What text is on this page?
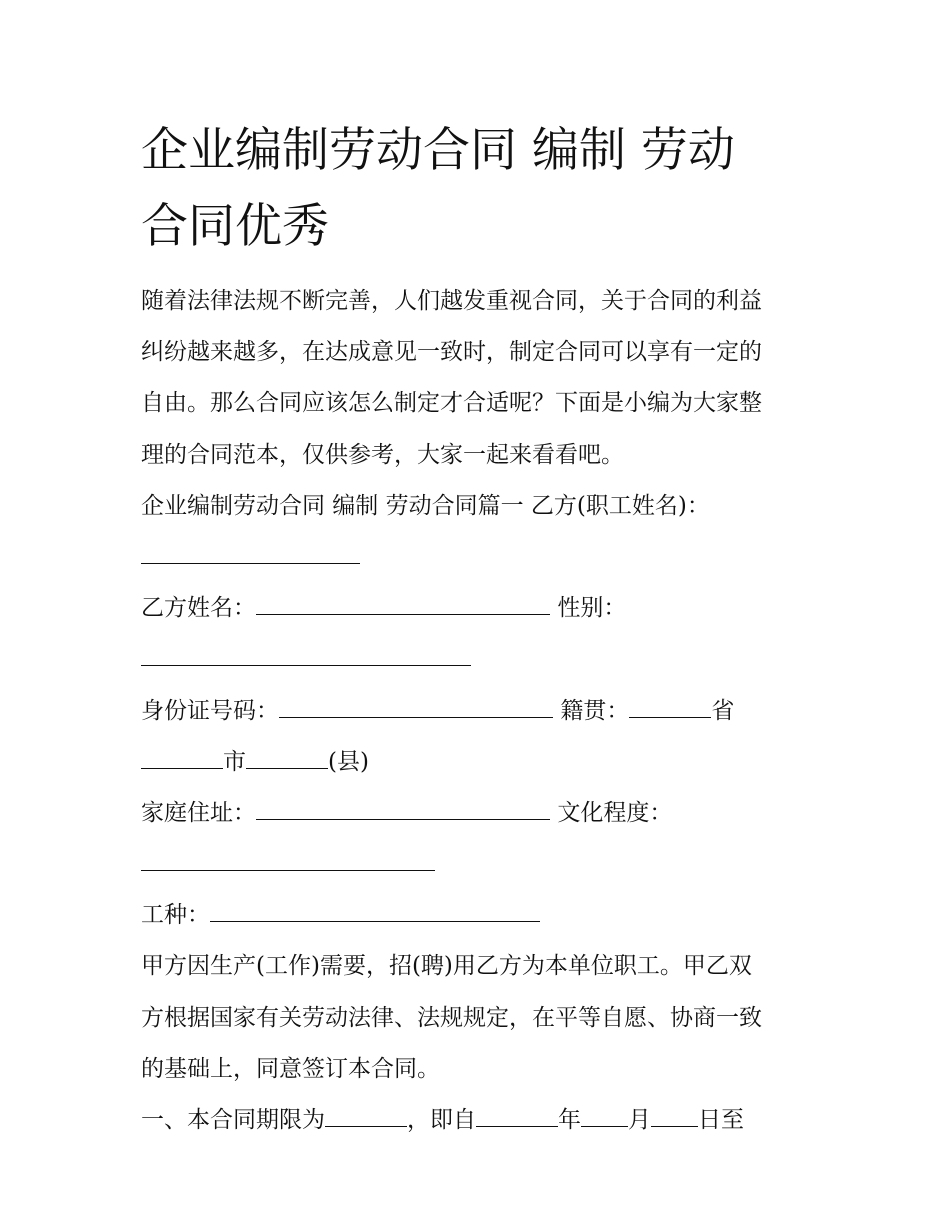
企业编制劳动合同 编制 劳动
合同优秀
随着法律法规不断完善，人们越发重视合同，关于合同的利益
纠纷越来越多，在达成意见一致时，制定合同可以享有一定的
自由。那么合同应该怎么制定才合适呢？下面是小编为大家整
理的合同范本，仅供参考，大家一起来看看吧。
企业编制劳动合同 编制 劳动合同篇一 乙方(职工姓名)：
乙方姓名：	性别：
身份证号码：	籍贯：	省
市	(县)
家庭住址：	文化程度：
工种：
甲方因生产(工作)需要，招(聘)用乙方为本单位职工。甲乙双
方根据国家有关劳动法律、法规规定，在平等自愿、协商一致
的基础上，同意签订本合同。
一、本合同期限为	，即自	年 月 日至
